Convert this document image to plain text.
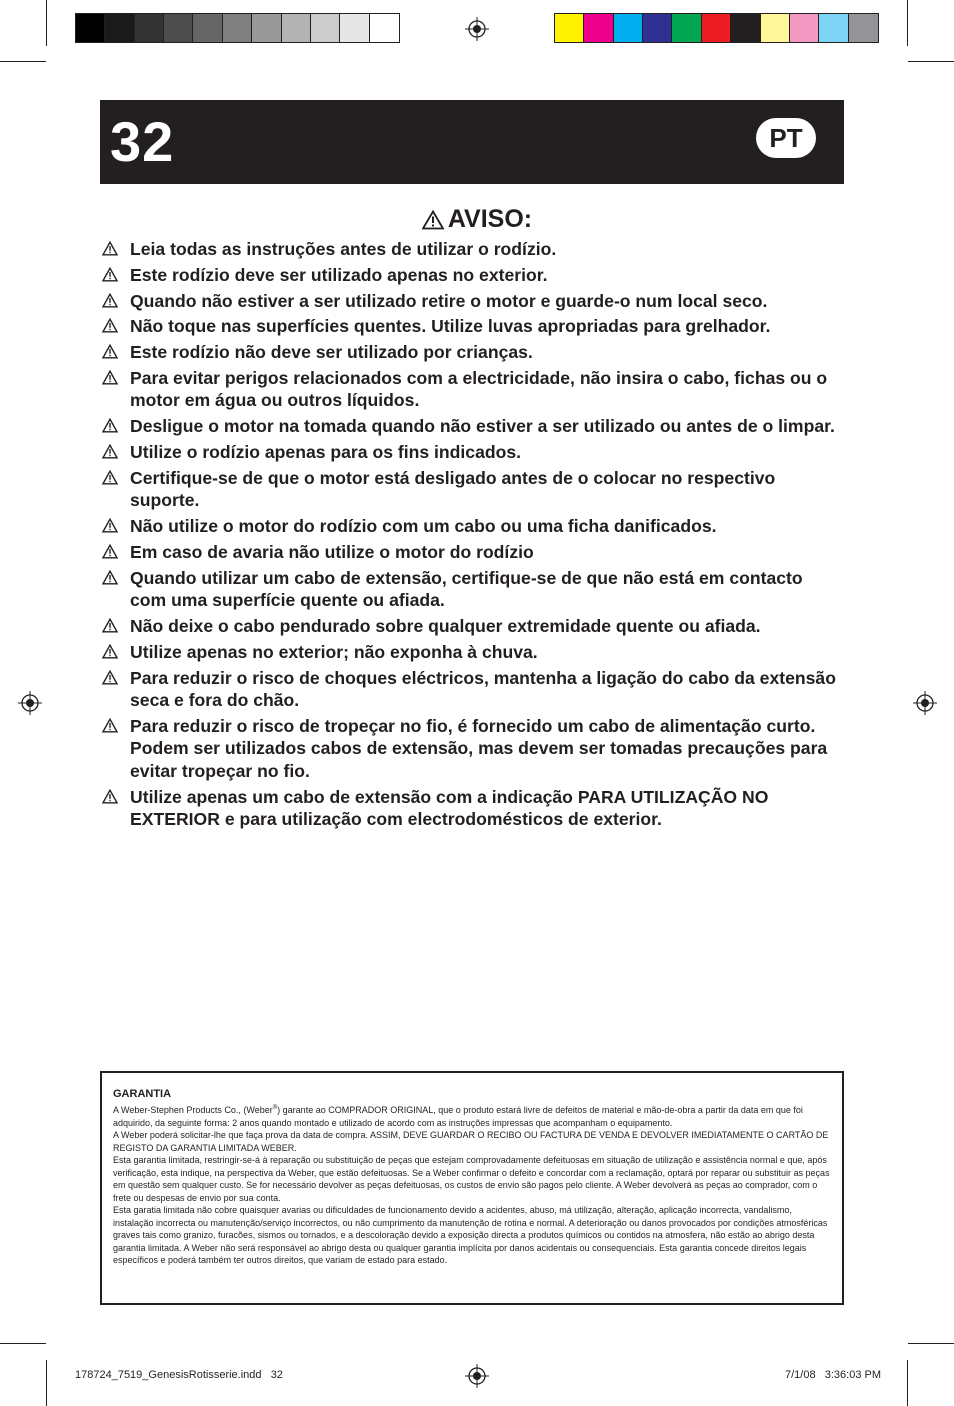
32	PT
AVISO:
Leia todas as instruções antes de utilizar o rodízio.
Este rodízio deve ser utilizado apenas no exterior.
Quando não estiver a ser utilizado retire o motor e guarde-o num local seco.
Não toque nas superfícies quentes. Utilize luvas apropriadas para grelhador.
Este rodízio não deve ser utilizado por crianças.
Para evitar perigos relacionados com a electricidade, não insira o cabo, fichas ou o motor em água ou outros líquidos.
Desligue o motor na tomada quando não estiver a ser utilizado ou antes de o limpar.
Utilize o rodízio apenas para os fins indicados.
Certifique-se de que o motor está desligado antes de o colocar no respectivo suporte.
Não utilize o motor do rodízio com um cabo ou uma ficha danificados.
Em caso de avaria não utilize o motor do rodízio
Quando utilizar um cabo de extensão, certifique-se de que não está em contacto com uma superfície quente ou afiada.
Não deixe o cabo pendurado sobre qualquer extremidade quente ou afiada.
Utilize apenas no exterior; não exponha à chuva.
Para reduzir o risco de choques eléctricos, mantenha a ligação do cabo da extensão seca e fora do chão.
Para reduzir o risco de tropeçar no fio, é fornecido um cabo de alimentação curto. Podem ser utilizados cabos de extensão, mas devem ser tomadas precauções para evitar tropeçar no fio.
Utilize apenas um cabo de extensão com a indicação PARA UTILIZAÇÃO NO EXTERIOR e para utilização com electrodomésticos de exterior.

GARANTIA

A Weber-Stephen Products Co., (Weber®) garante ao COMPRADOR ORIGINAL, que o produto estará livre de defeitos de material e mão-de-obra a partir da data em que foi adquirido, da seguinte forma: 2 anos quando montado e utilizado de acordo com as instruções impressas que acompanham o equipamento.

A Weber poderá solicitar-lhe que faça prova da data de compra. ASSIM, DEVE GUARDAR O RECIBO OU FACTURA DE VENDA E DEVOLVER IMEDIATAMENTE O CARTÃO DE REGISTO DA GARANTIA LIMITADA WEBER.

Esta garantia limitada, restringir-se-á à reparação ou substituição de peças que estejam comprovadamente defeituosas em situação de utilização e assistência normal e que, após verificação, esta indique, na perspectiva da Weber, que estão defeituosas. Se a Weber confirmar o defeito e concordar com a reclamação, optará por reparar ou substituir as peças em questão sem qualquer custo. Se for necessário devolver as peças defeituosas, os custos de envio são pagos pelo cliente. A Weber devolverá as peças ao comprador, com o frete ou despesas de envio por sua conta.

Esta garatia limitada não cobre quaisquer avarias ou dificuldades de funcionamento devido a acidentes, abuso, má utilização, alteração, aplicação incorrecta, vandalismo, instalação incorrecta ou manutenção/serviço incorrectos, ou não cumprimento da manutenção de rotina e normal. A deterioração ou danos provocados por condições atmosféricas graves tais como granizo, furacões, sismos ou tornados, e a descoloração devido a exposição directa a produtos químicos ou contidos na atmosfera, não estão ao abrigo desta garantia limitada. A Weber não será responsável ao abrigo desta ou qualquer garantia implícita por danos acidentais ou consequenciais. Esta garantia concede direitos legais específicos e poderá também ter outros direitos, que variam de estado para estado.

178724_7519_GenesisRotisserie.indd   32	7/1/08   3:36:03 PM
